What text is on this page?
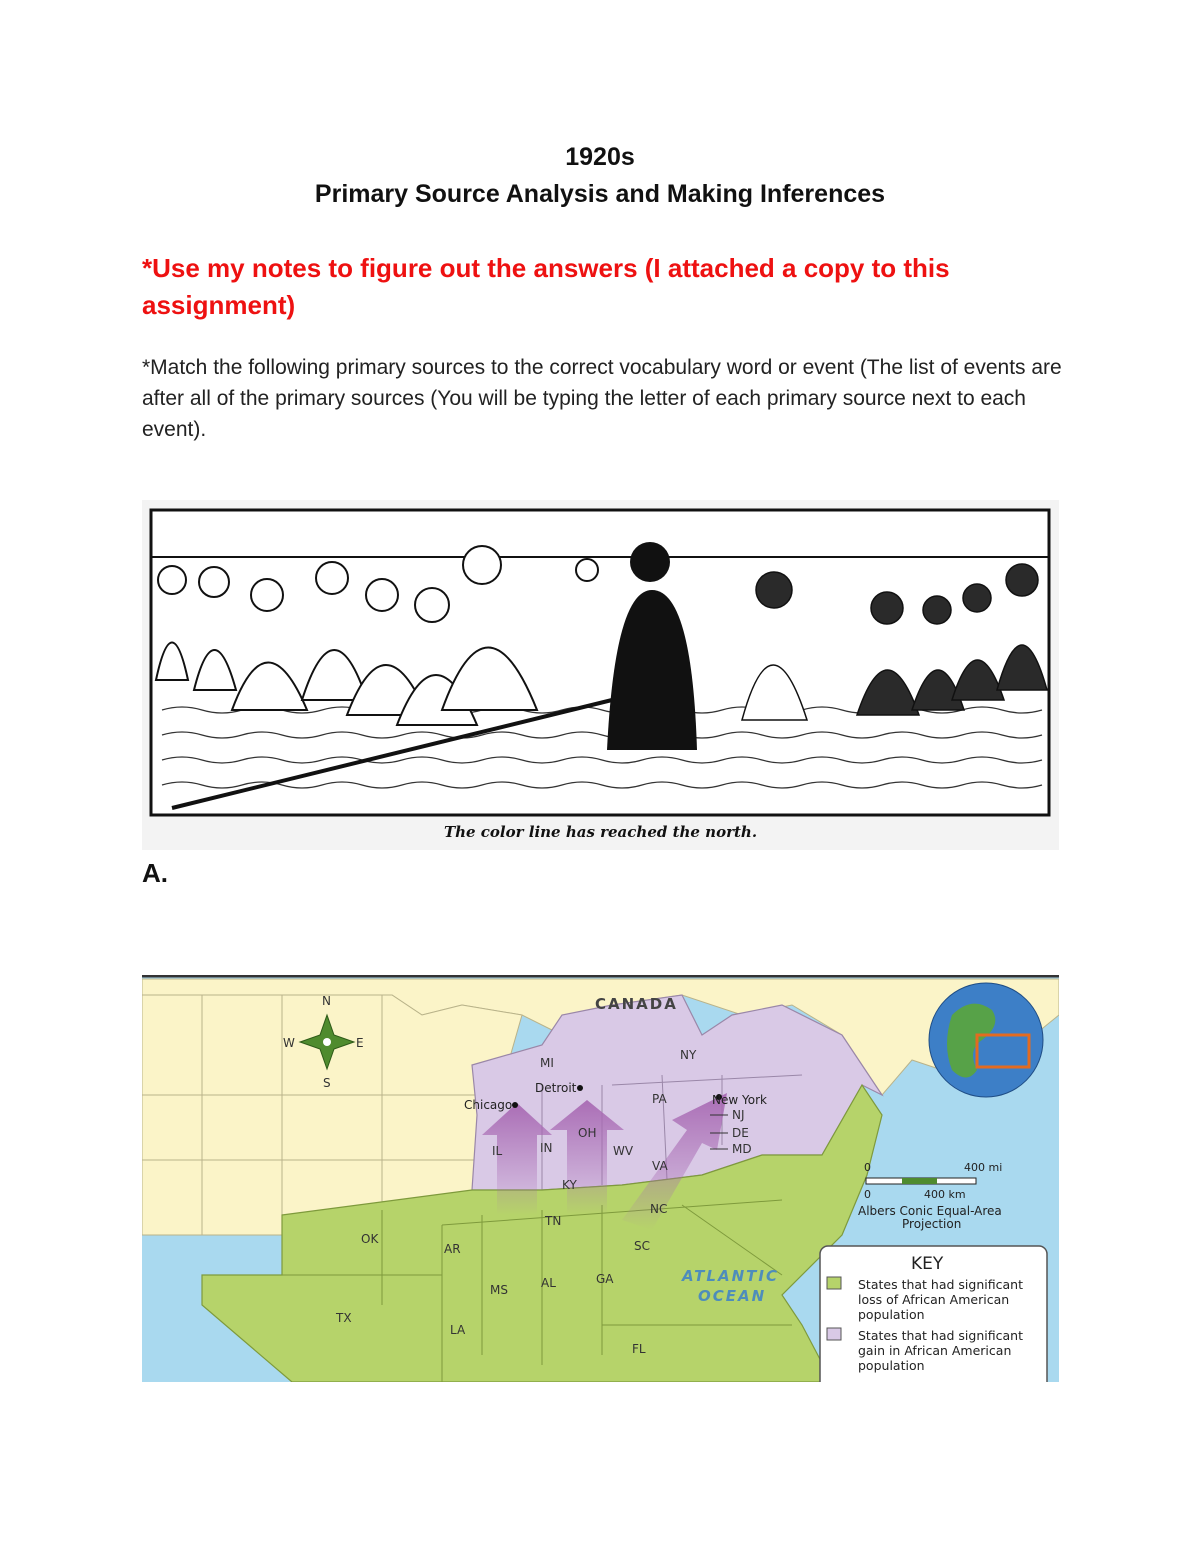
1920s
Primary Source Analysis and Making Inferences
*Use my notes to figure out the answers (I attached a copy to this assignment)
*Match the following primary sources to the correct vocabulary word or event (The list of events are after all of the primary sources (You will be typing the letter of each primary source next to each event).
The color line has reached the north.
A.
N
S
E
W
CANADA
ATLANTIC
OCEAN
Chicago
Detroit
New York
MI
NY
PA
OH
IN
IL	WV
VA
KY
TN
NC
SC
GA
AL
MS
AR
OK
TX
LA
FL
NJ
DE
MD
0	400 mi
0	400 km
Albers Conic Equal-Area
Projection
KEY
States that had significant
loss of African American
population
States that had significant
gain in African American
population
